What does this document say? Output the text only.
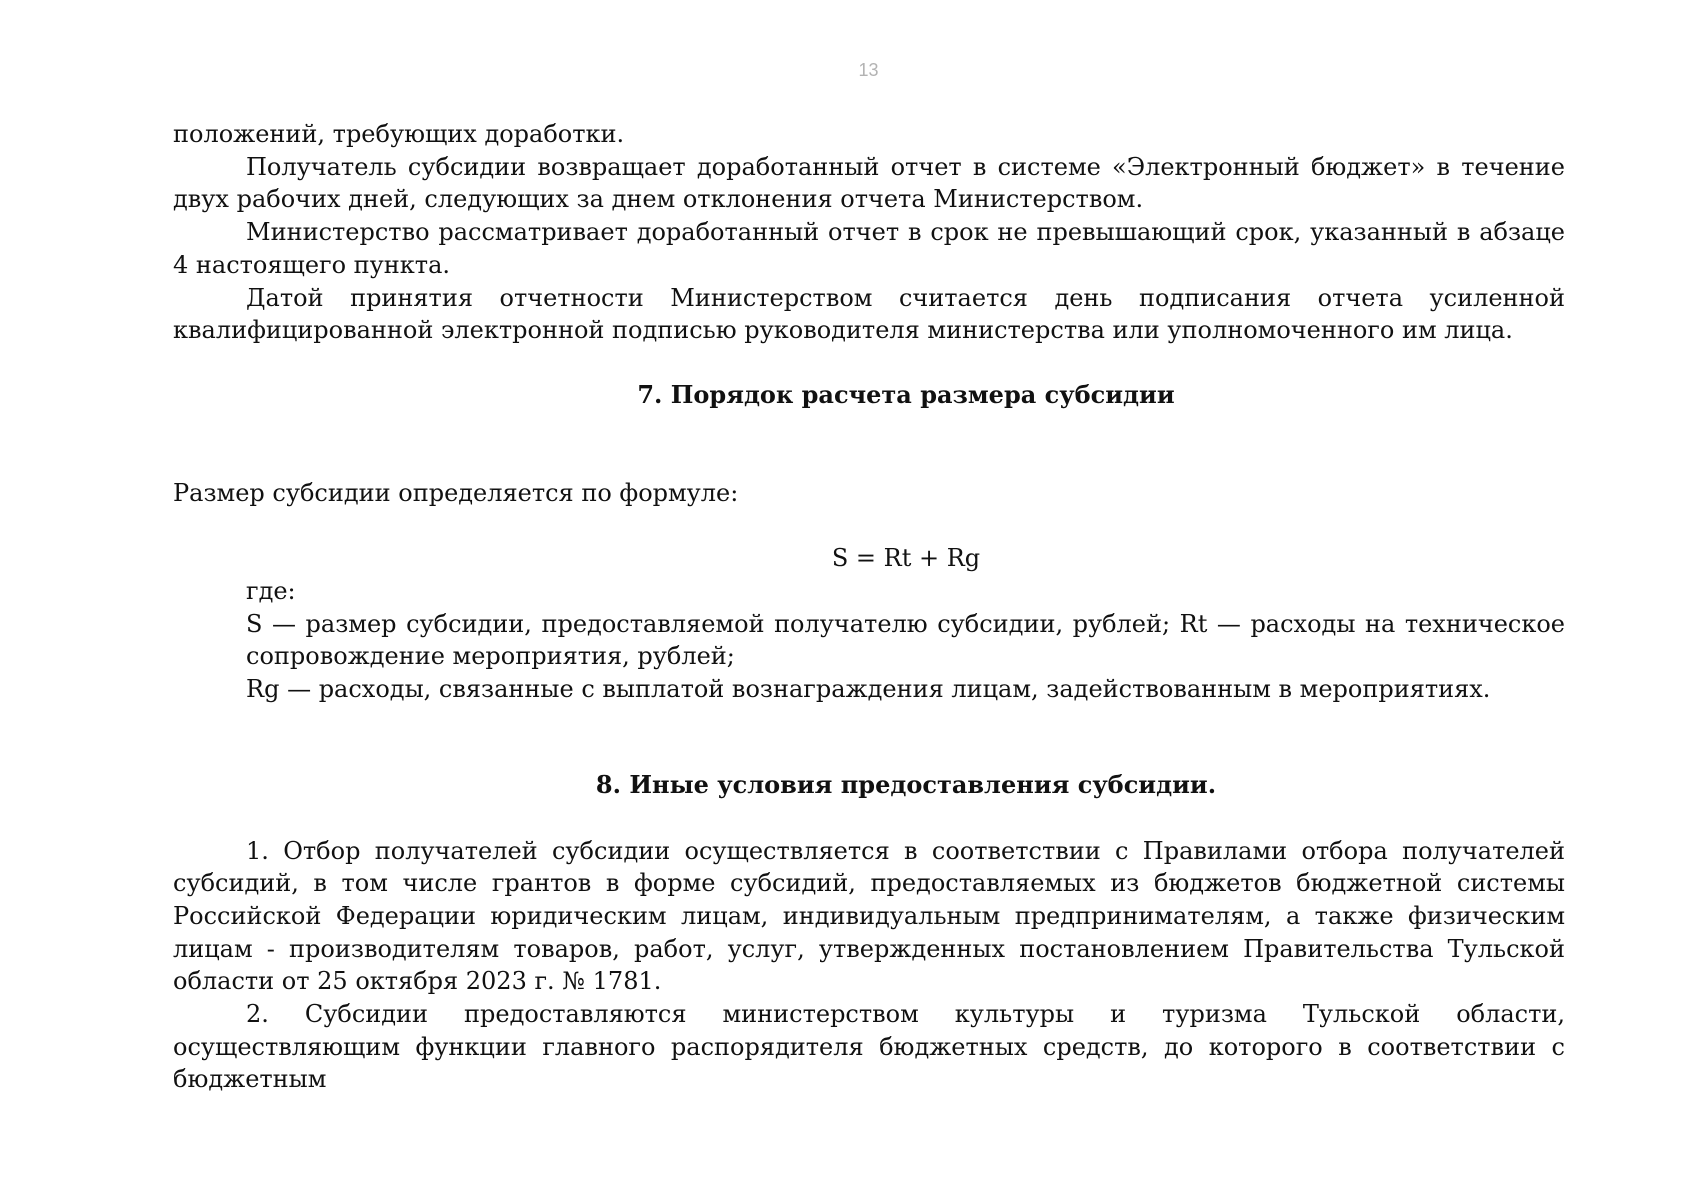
13

положений, требующих доработки.

Получатель субсидии возвращает доработанный отчет в системе «Электронный бюджет» в течение двух рабочих дней, следующих за днем отклонения отчета Министерством.

Министерство рассматривает доработанный отчет в срок не превышающий срок, указанный в абзаце 4 настоящего пункта.

Датой принятия отчетности Министерством считается день подписания отчета усиленной квалифицированной электронной подписью руководителя министерства или уполномоченного им лица.

7. Порядок расчета размера субсидии

Размер субсидии определяется по формуле:

S = Rt + Rg

где:

S — размер субсидии, предоставляемой получателю субсидии, рублей; Rt — расходы на техническое сопровождение мероприятия, рублей;

Rg — расходы, связанные с выплатой вознаграждения лицам, задействованным в мероприятиях.

8. Иные условия предоставления субсидии.

1. Отбор получателей субсидии осуществляется в соответствии с Правилами отбора получателей субсидий, в том числе грантов в форме субсидий, предоставляемых из бюджетов бюджетной системы Российской Федерации юридическим лицам, индивидуальным предпринимателям, а также физическим лицам - производителям товаров, работ, услуг, утвержденных постановлением Правительства Тульской области от 25 октября 2023 г. № 1781.

2. Субсидии предоставляются министерством культуры и туризма Тульской области, осуществляющим функции главного распорядителя бюджетных средств, до которого в соответствии с бюджетным
